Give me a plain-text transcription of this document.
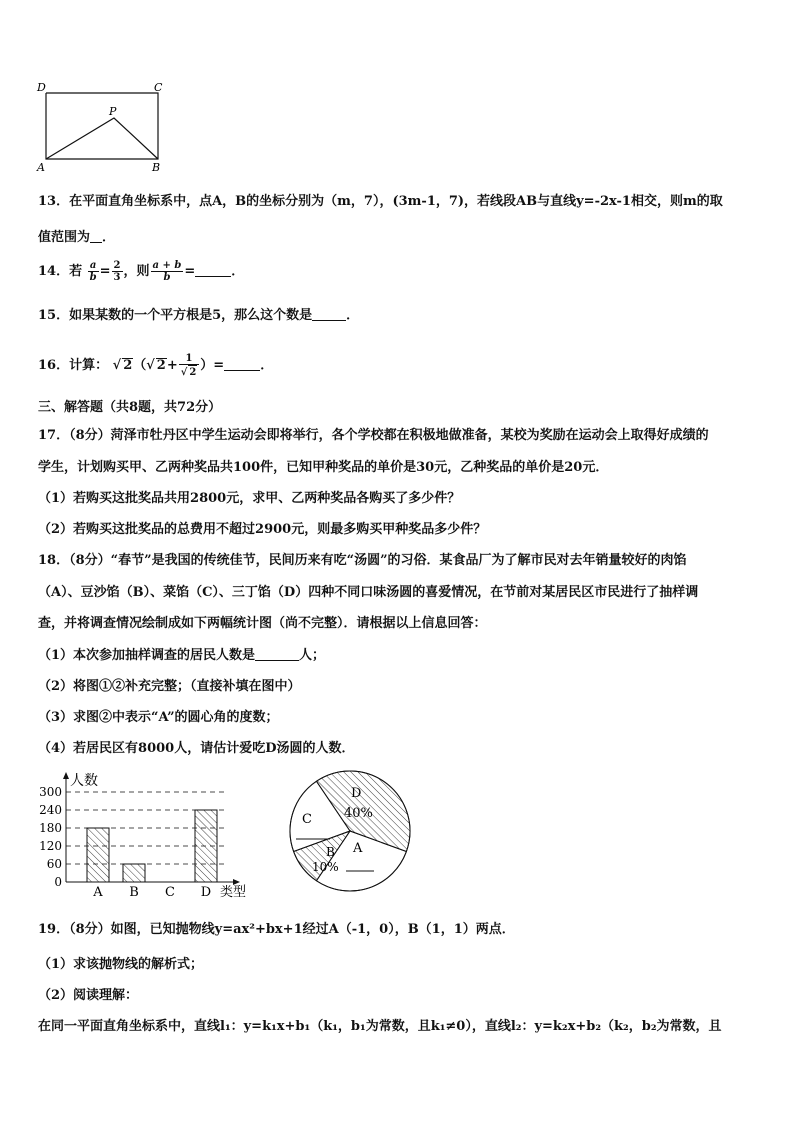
D	C
P
A	B
13．在平面直角坐标系中，点A，B的坐标分别为（m，7），(3m-1，7)，若线段AB与直线y=-2x-1相交，则m的取
值范围为 ．
14．若 $\frac{a}{b} = \frac{2}{3}$ ，则 $\frac{a + b}{b}$ =	．
15．如果某数的一个平方根是5，那么这个数是	．
16．计算： √ 2（√ $2+ \frac{1}{√ 2}$ ）=	．
三、解答题（共8题，共72分）
17．（8分）菏泽市牡丹区中学生运动会即将举行，各个学校都在积极地做准备，某校为奖励在运动会上取得好成绩的
学生，计划购买甲、乙两种奖品共100件，已知甲种奖品的单价是30元，乙种奖品的单价是20元．
（1）若购买这批奖品共用2800元，求甲、乙两种奖品各购买了多少件？
（2）若购买这批奖品的总费用不超过2900元，则最多购买甲种奖品多少件？
18．（8分）“春节”是我国的传统佳节，民间历来有吃“汤圆”的习俗．某食品厂为了解市民对去年销量较好的肉馅
（A）、豆沙馅（B）、菜馅（C）、三丁馅（D）四种不同口味汤圆的喜爱情况，在节前对某居民区市民进行了抽样调
查，并将调查情况绘制成如下两幅统计图（尚不完整）．请根据以上信息回答：
（1）本次参加抽样调查的居民人数是	人；
（2）将图①②补充完整；（直接补填在图中）
（3）求图②中表示“A”的圆心角的度数；
（4）若居民区有8000人，请估计爱吃D汤圆的人数．
0
60
120
180
240
300
A B C D
人数
类型
D
40%
C
A
B
10%
19．（8分）如图，已知抛物线y=ax²+bx+1经过A（-1，0），B（1，1）两点．
（1）求该抛物线的解析式；
（2）阅读理解：
在同一平面直角坐标系中，直线l₁：y=k₁x+b₁（k₁，b₁为常数，且k₁≠0），直线l₂：y=k₂x+b₂（k₂，b₂为常数，且
